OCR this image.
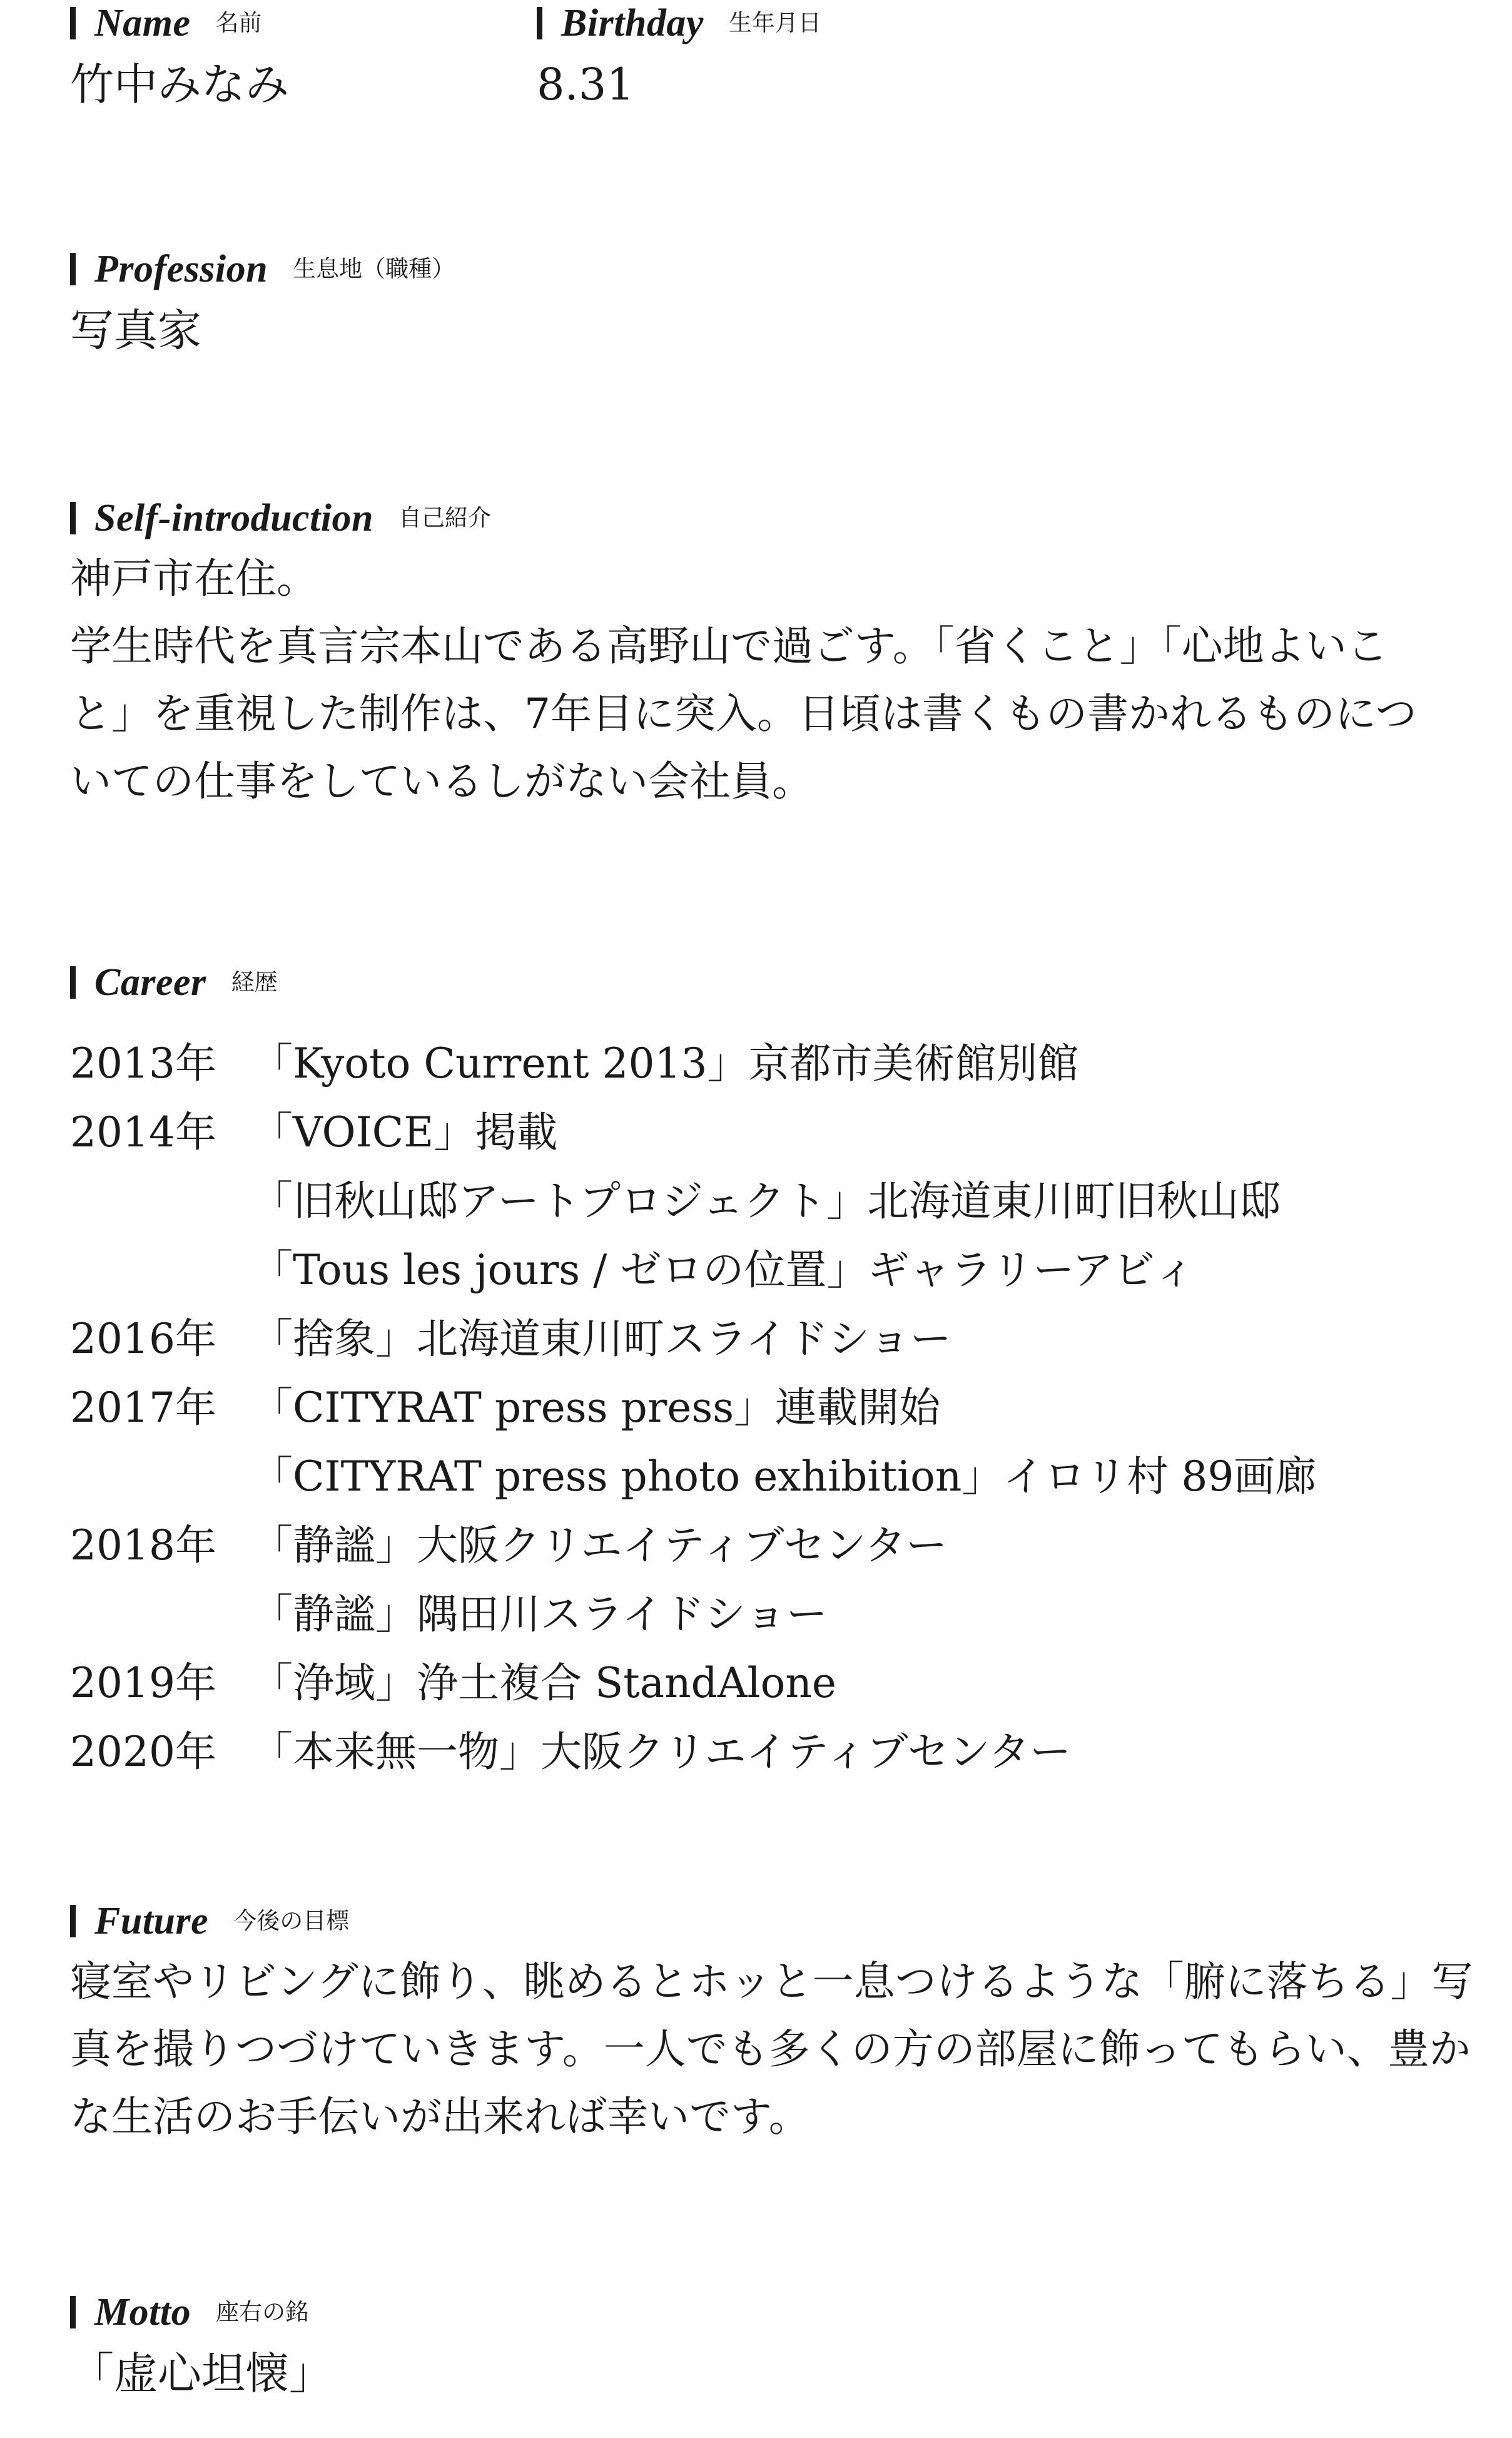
Name 名前
竹中みなみ
Birthday 生年月日
8.31
Profession 生息地（職種）
写真家
Self-introduction 自己紹介

神戸市在住。

学生時代を真言宗本山である高野山で過ごす。「省くこと」「心地よいこ

と」を重視した制作は、7年目に突入。日頃は書くもの書かれるものにつ

いての仕事をしているしがない会社員。

Career 経歴
2013年 「Kyoto Current 2013」京都市美術館別館
2014年 「VOICE」掲載
「旧秋山邸アートプロジェクト」北海道東川町旧秋山邸
「Tous les jours / ゼロの位置」ギャラリーアビィ
2016年 「捨象」北海道東川町スライドショー
2017年 「CITYRAT press press」連載開始
「CITYRAT press photo exhibition」イロリ村 89画廊
2018年 「静謐」大阪クリエイティブセンター
「静謐」隅田川スライドショー
2019年 「浄域」浄土複合 StandAlone
2020年 「本来無一物」大阪クリエイティブセンター
Future 今後の目標

寝室やリビングに飾り、眺めるとホッと一息つけるような「腑に落ちる」写

真を撮りつづけていきます。一人でも多くの方の部屋に飾ってもらい、豊か

な生活のお手伝いが出来れば幸いです。

Motto 座右の銘
「虚心坦懐」
